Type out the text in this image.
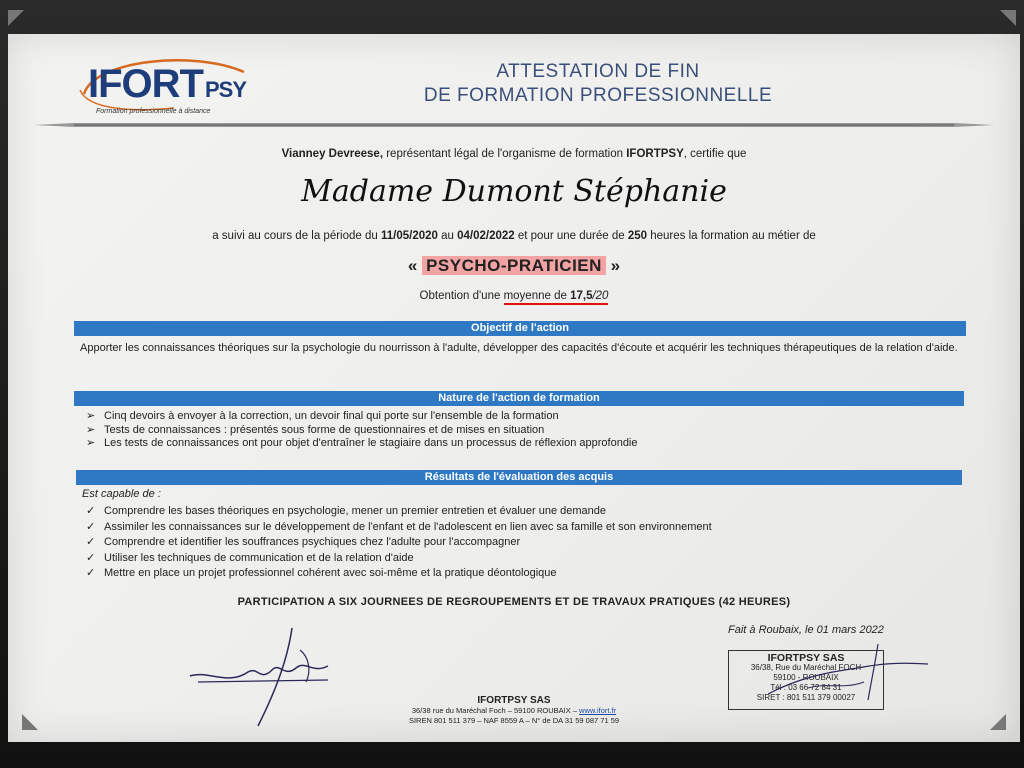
IFORTPSY
Formation professionnelle à distance
ATTESTATION DE FIN
DE FORMATION PROFESSIONNELLE
Vianney Devreese, représentant légal de l'organisme de formation IFORTPSY, certifie que
Madame Dumont Stéphanie
a suivi au cours de la période du 11/05/2020 au 04/02/2022 et pour une durée de 250 heures la formation au métier de
« PSYCHO-PRATICIEN »
Obtention d'une moyenne de 17,5/20
Objectif de l'action
Apporter les connaissances théoriques sur la psychologie du nourrisson à l'adulte, développer des capacités d'écoute et acquérir les techniques thérapeutiques de la relation d'aide.
Nature de l'action de formation
➢ Cinq devoirs à envoyer à la correction, un devoir final qui porte sur l'ensemble de la formation
➢ Tests de connaissances : présentés sous forme de questionnaires et de mises en situation
➢ Les tests de connaissances ont pour objet d'entraîner le stagiaire dans un processus de réflexion approfondie
Résultats de l'évaluation des acquis
Est capable de :
✓ Comprendre les bases théoriques en psychologie, mener un premier entretien et évaluer une demande
✓ Assimiler les connaissances sur le développement de l'enfant et de l'adolescent en lien avec sa famille et son environnement
✓ Comprendre et identifier les souffrances psychiques chez l'adulte pour l'accompagner
✓ Utiliser les techniques de communication et de la relation d'aide
✓ Mettre en place un projet professionnel cohérent avec soi-même et la pratique déontologique
PARTICIPATION A SIX JOURNEES DE REGROUPEMENTS ET DE TRAVAUX PRATIQUES (42 HEURES)
Fait à Roubaix, le 01 mars 2022
IFORTPSY SAS
36/38, Rue du Maréchal FOCH
59100 - ROUBAIX
Tél : 03 66 72 84 31
SIRET : 801 511 379 00027
IFORTPSY SAS
36/38 rue du Maréchal Foch – 59100 ROUBAIX – www.ifort.fr
SIREN 801 511 379 – NAF 8559 A – N° de DA 31 59 087 71 59
